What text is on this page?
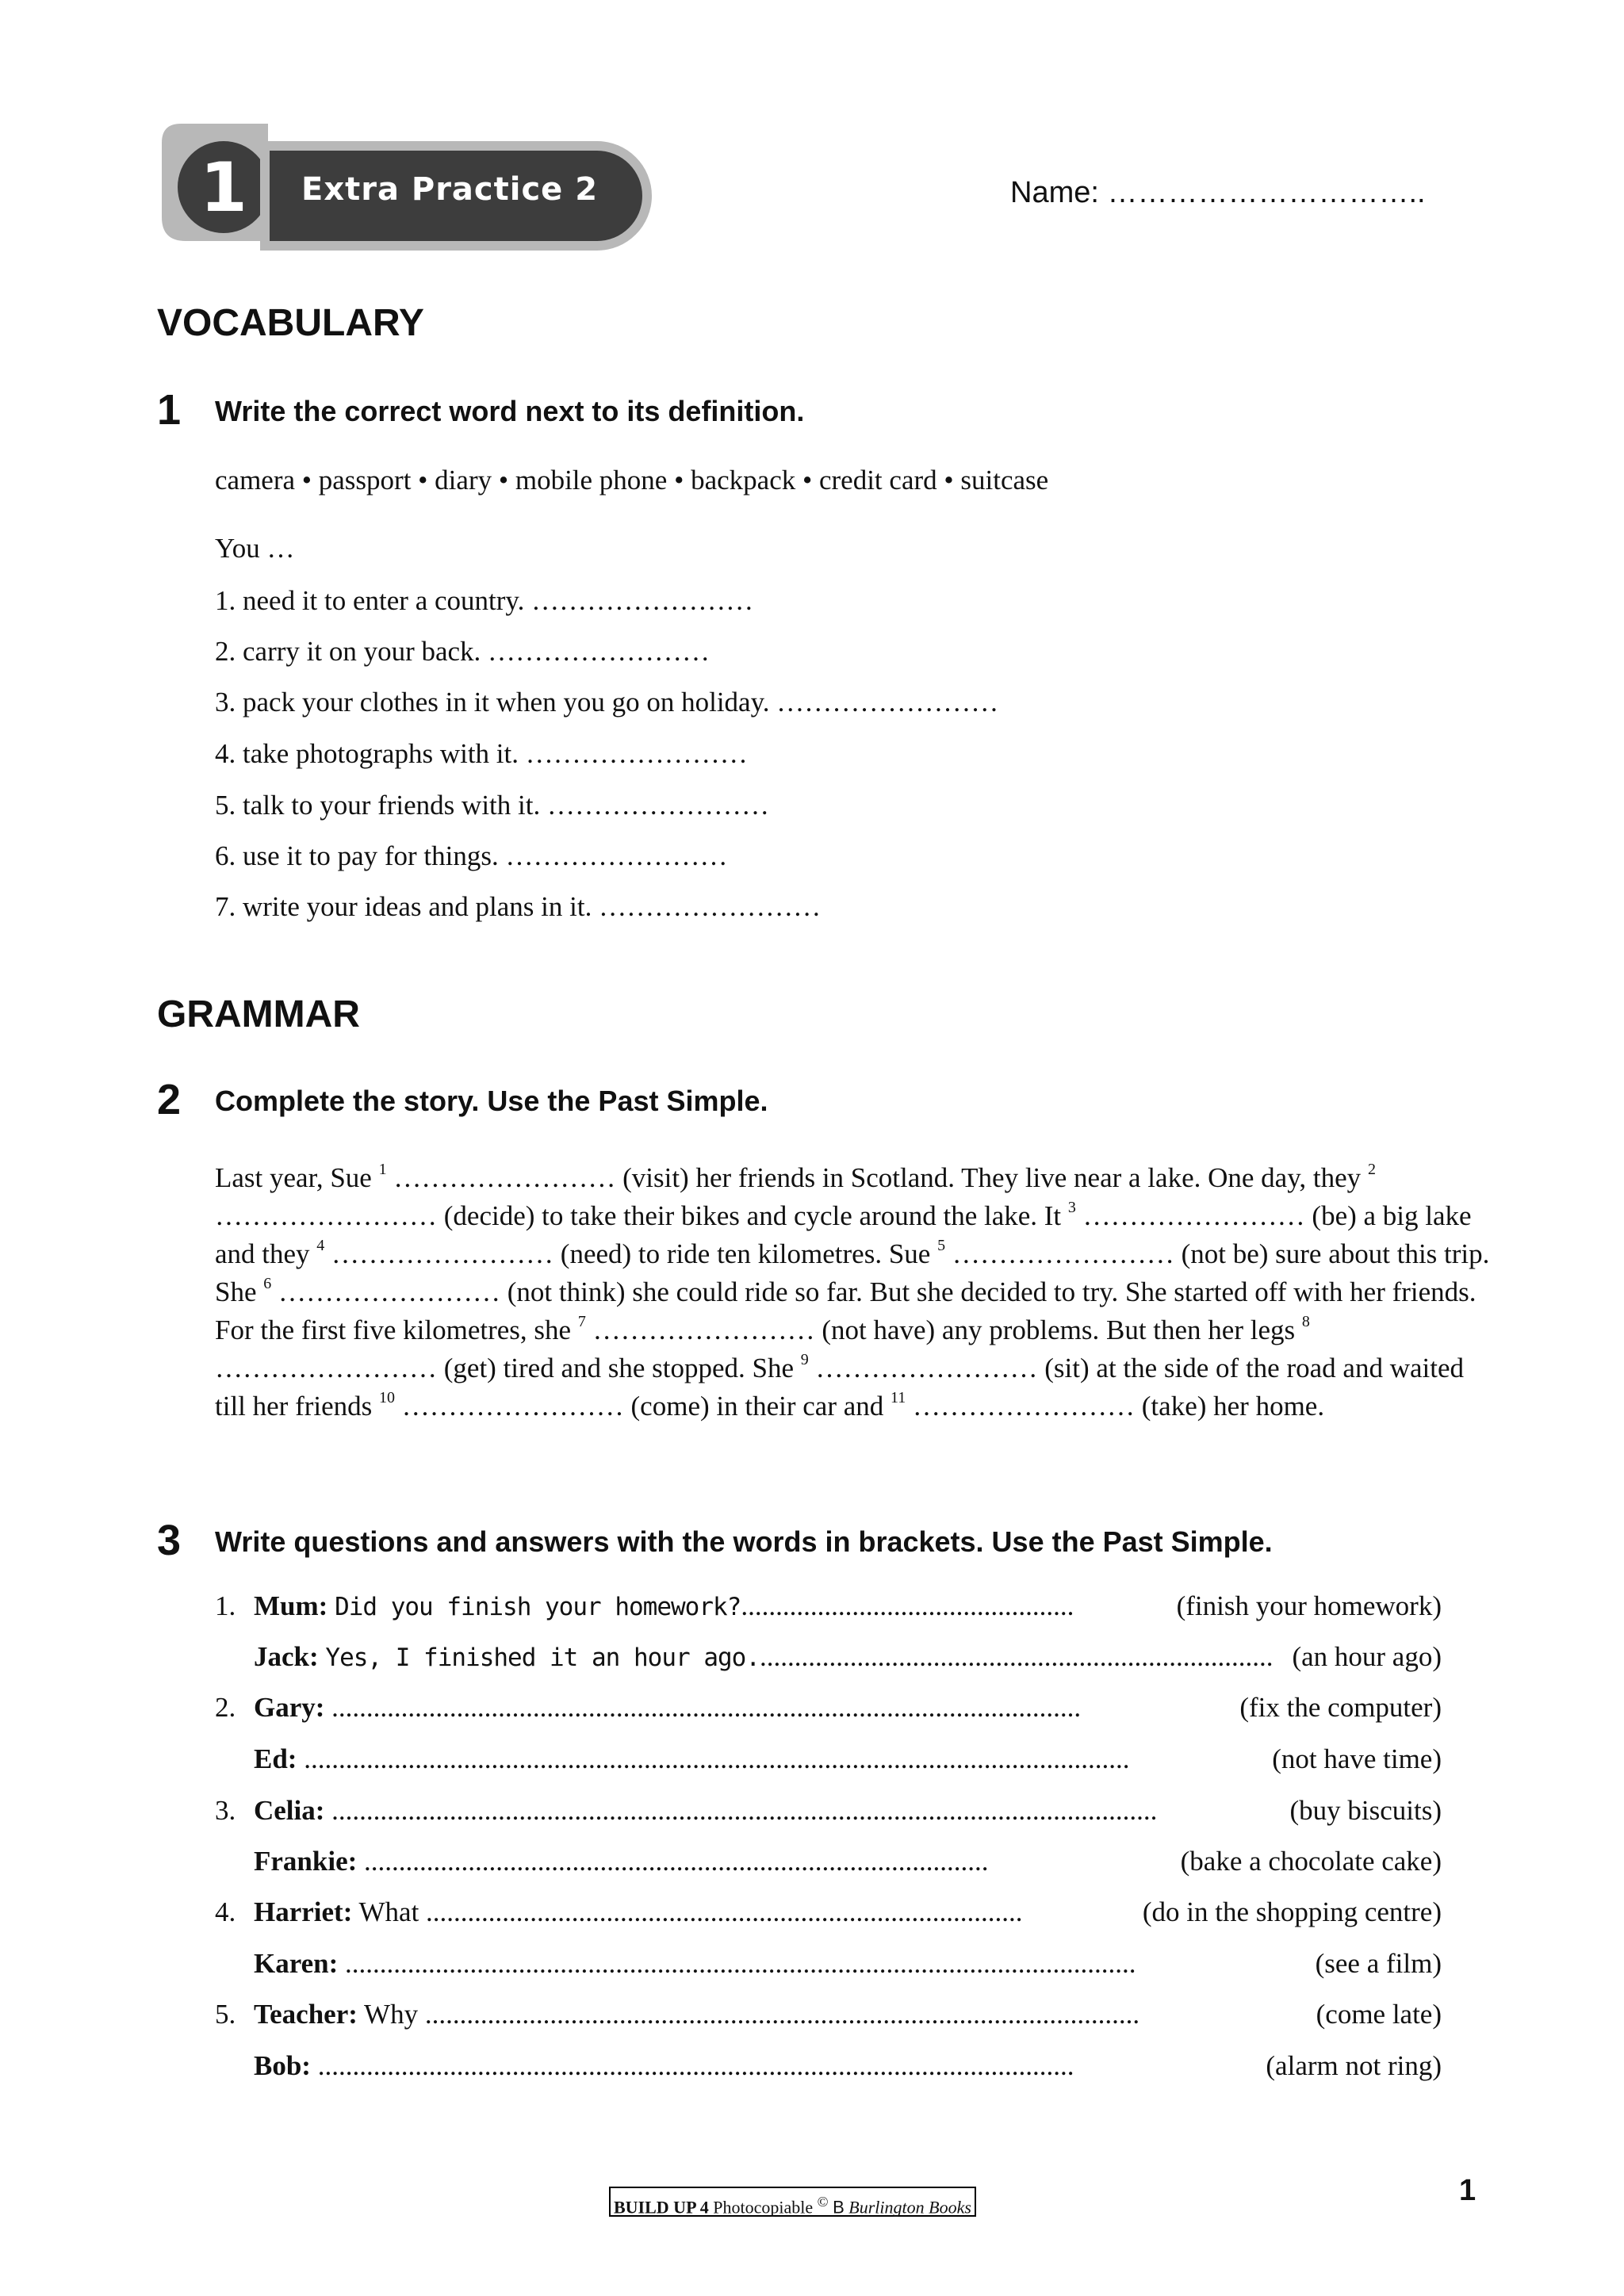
1 Extra Practice 2	Name: …………………………..
VOCABULARY
1 Write the correct word next to its definition.
camera • passport • diary • mobile phone • backpack • credit card • suitcase
You …
1. need it to enter a country. ……………………
2. carry it on your back. ……………………
3. pack your clothes in it when you go on holiday. ……………………
4. take photographs with it. ……………………
5. talk to your friends with it. ……………………
6. use it to pay for things. ……………………
7. write your ideas and plans in it. ……………………
GRAMMAR
2 Complete the story. Use the Past Simple.
Last year, Sue $^1$ …………………… (visit) her friends in Scotland. They live near a lake. One day, they $^2$ …………………… (decide) to take their bikes and cycle around the lake. It $^3$ …………………… (be) a big lake and they $^4$ …………………… (need) to ride ten kilometres. Sue $^5$ …………………… (not be) sure about this trip. She $^6$ …………………… (not think) she could ride so far. But she decided to try. She started off with her friends. For the first five kilometres, she $^7$ …………………… (not have) any problems. But then her legs $^8$ …………………… (get) tired and she stopped. She $^9$ …………………… (sit) at the side of the road and waited till her friends $^{10}$ …………………… (come) in their car and $^{11}$ …………………… (take) her home.
3 Write questions and answers with the words in brackets. Use the Past Simple.
1. Mum: Did you finish your homework?................................................	(finish your homework)
Jack: Yes, I finished it an hour ago........................................................................... (an hour ago)
2. Gary: ............................................................................................................	(fix the computer)
Ed: .......................................................................................................................	(not have time)
3. Celia: .......................................................................................................................	(buy biscuits)
Frankie: ..........................................................................................	(bake a chocolate cake)
4. Harriet: What ......................................................................................	(do in the shopping centre)
Karen: ..................................................................................................................	(see a film)
5. Teacher: Why .......................................................................................................	(come late)
Bob: .............................................................................................................	(alarm not ring)
BUILD UP 4 Photocopiable © B Burlington Books	1
